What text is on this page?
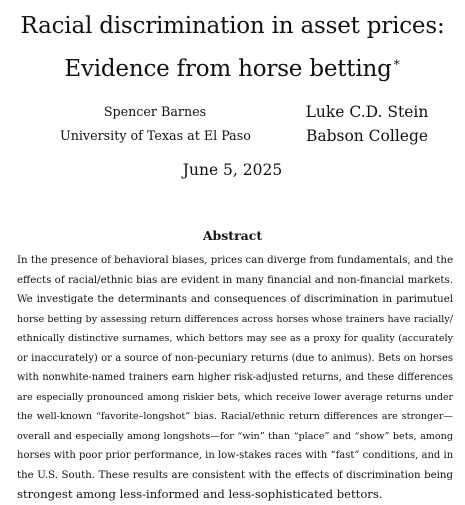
Racial discrimination in asset prices:
Evidence from horse betting∗
Spencer Barnes
University of Texas at El Paso
Luke C.D. Stein
Babson College
June 5, 2025
Abstract
In the presence of behavioral biases, prices can diverge from fundamentals, and the
effects of racial/ethnic bias are evident in many financial and non-financial markets.
We investigate the determinants and consequences of discrimination in parimutuel
horse betting by assessing return differences across horses whose trainers have racially/
ethnically distinctive surnames, which bettors may see as a proxy for quality (accurately
or inaccurately) or a source of non-pecuniary returns (due to animus). Bets on horses
with nonwhite-named trainers earn higher risk-adjusted returns, and these differences
are especially pronounced among riskier bets, which receive lower average returns under
the well-known “favorite–longshot” bias. Racial/ethnic return differences are stronger—
overall and especially among longshots—for “win” than “place” and “show” bets, among
horses with poor prior performance, in low-stakes races with “fast” conditions, and in
the U.S. South. These results are consistent with the effects of discrimination being
strongest among less-informed and less-sophisticated bettors.
